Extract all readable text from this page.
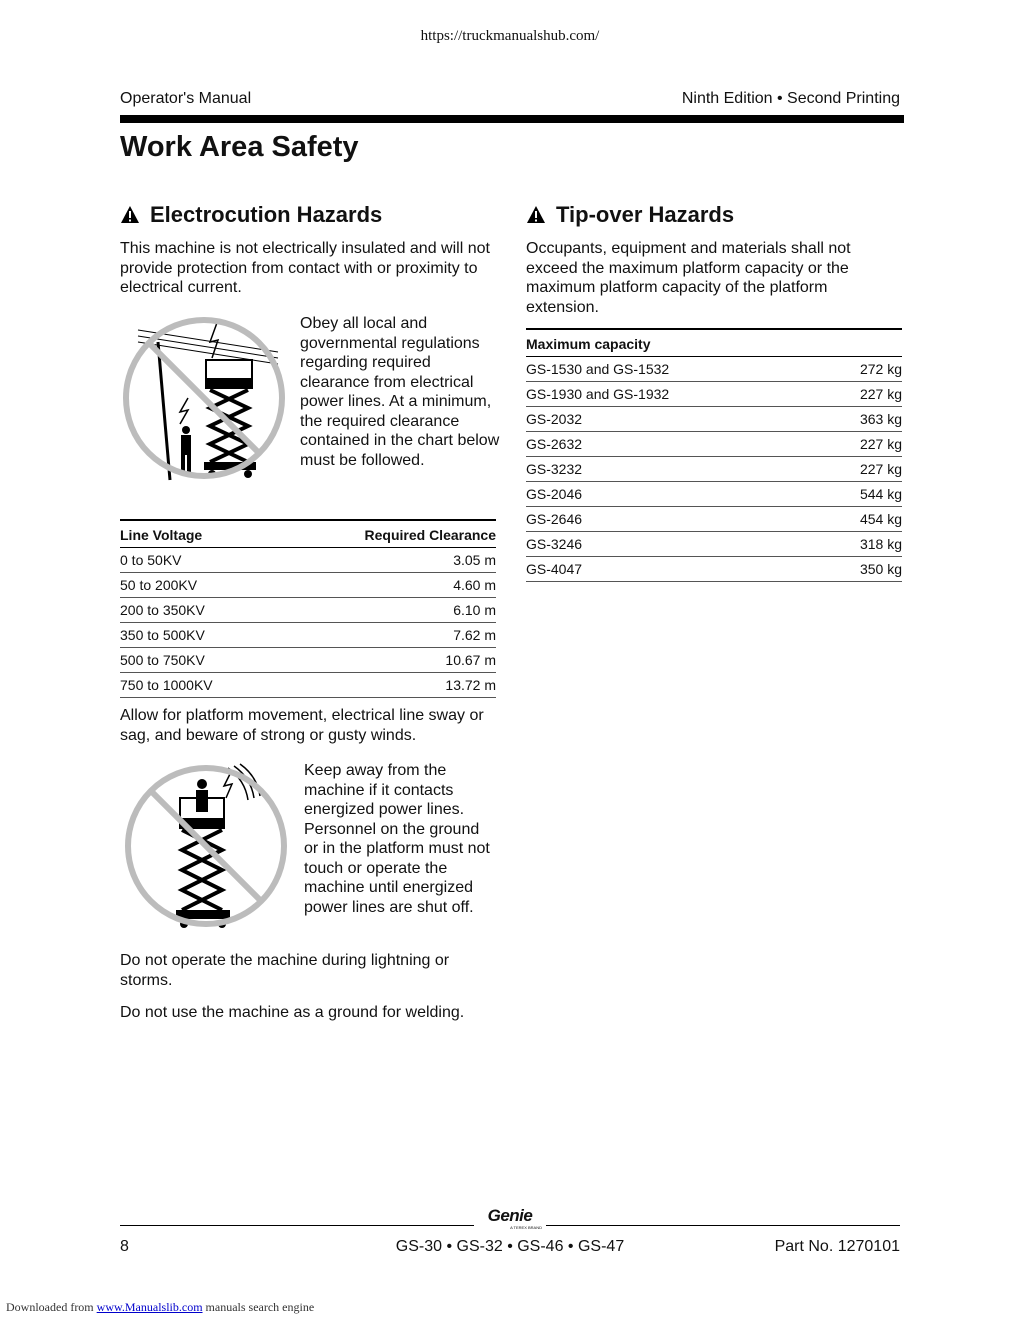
https://truckmanualshub.com/
Operator's Manual	Ninth Edition • Second Printing
Work Area Safety
Electrocution Hazards

This machine is not electrically insulated and will not provide protection from contact with or proximity to electrical current.

Obey all local and governmental regulations regarding required clearance from electrical power lines. At a minimum, the required clearance contained in the chart below must be followed.

Line Voltage	Required Clearance
0 to 50KV	3.05 m
50 to 200KV	4.60 m
200 to 350KV	6.10 m
350 to 500KV	7.62 m
500 to 750KV	10.67 m
750 to 1000KV	13.72 m

Allow for platform movement, electrical line sway or sag, and beware of strong or gusty winds.

Keep away from the machine if it contacts energized power lines. Personnel on the ground or in the platform must not touch or operate the machine until energized power lines are shut off.

Do not operate the machine during lightning or storms.

Do not use the machine as a ground for welding.

Tip-over Hazards

Occupants, equipment and materials shall not exceed the maximum platform capacity or the maximum platform capacity of the platform extension.

Maximum capacity	
GS-1530 and GS-1532	272 kg
GS-1930 and GS-1932	227 kg
GS-2032	363 kg
GS-2632	227 kg
GS-3232	227 kg
GS-2046	544 kg
GS-2646	454 kg
GS-3246	318 kg
GS-4047	350 kg
Genie
A TEREX BRAND
8	GS-30 • GS-32 • GS-46 • GS-47	Part No. 1270101
Downloaded from www.Manualslib.com manuals search engine
